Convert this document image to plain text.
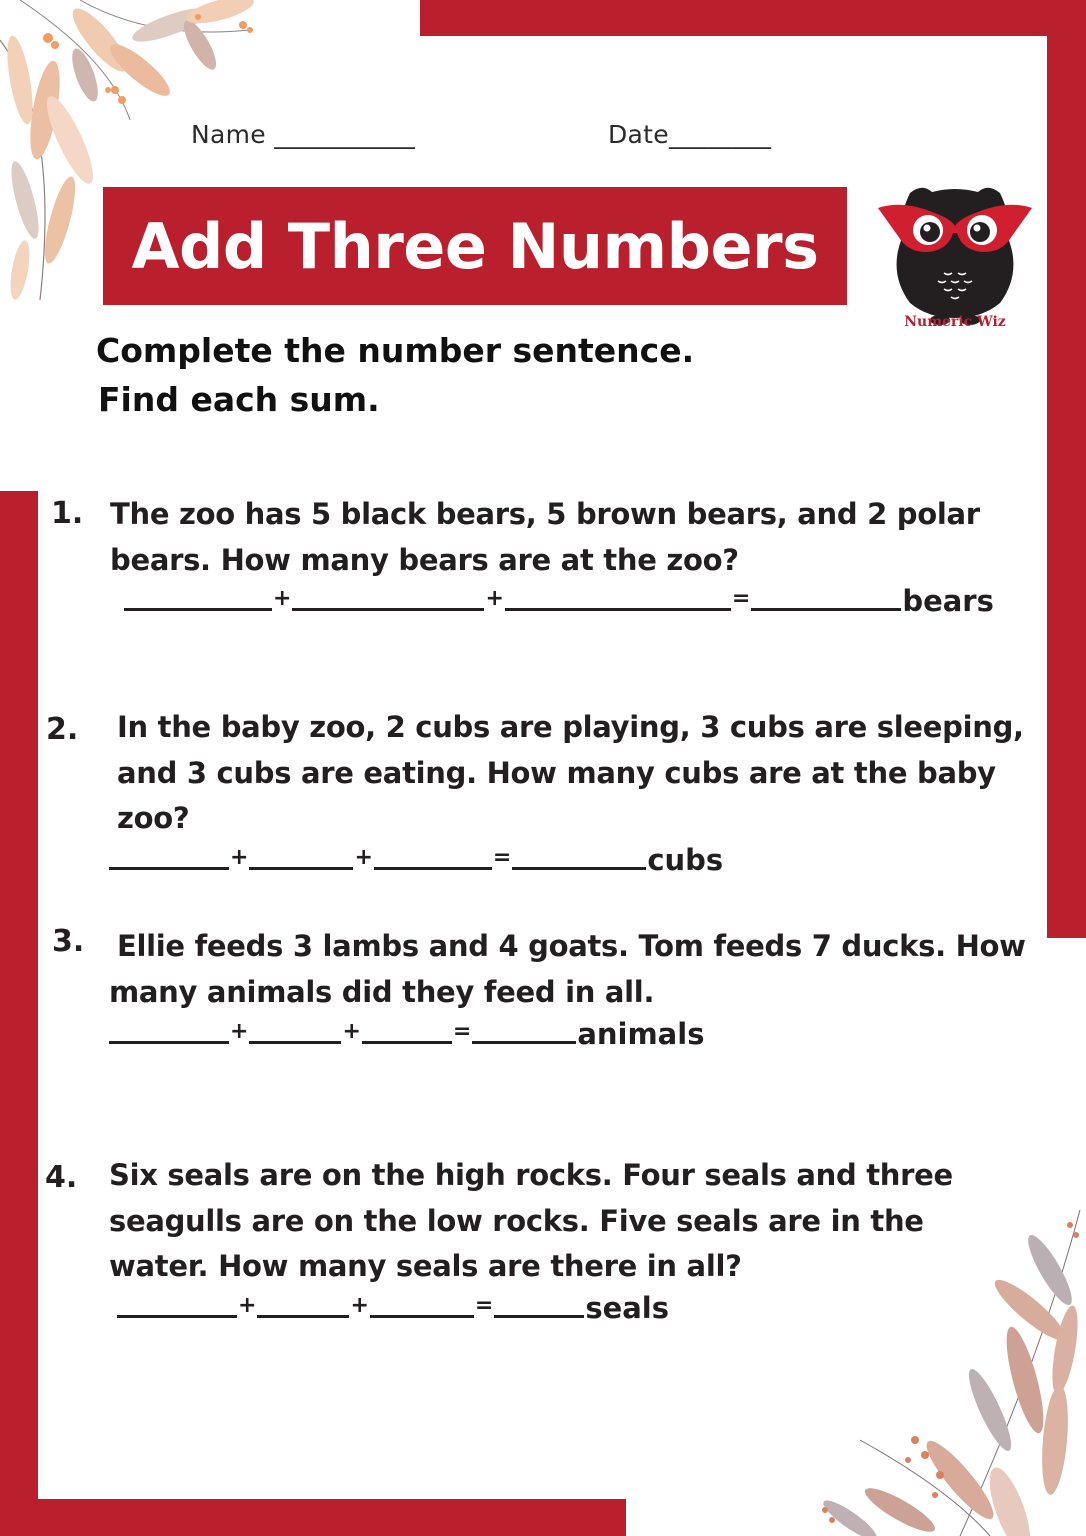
Name ___________	Date________
Add Three Numbers
Numeric Wiz
Complete the number sentence.
Find each sum.
1. The zoo has 5 black bears, 5 brown bears, and 2 polar
bears. How many bears are at the zoo?
+	+	=	bears
2. In the baby zoo, 2 cubs are playing, 3 cubs are sleeping,
and 3 cubs are eating. How many cubs are at the baby
zoo?
+	+	=	cubs
3. Ellie feeds 3 lambs and 4 goats. Tom feeds 7 ducks. How
many animals did they feed in all.
+	+	=	animals
4. Six seals are on the high rocks. Four seals and three
seagulls are on the low rocks. Five seals are in the
water. How many seals are there in all?
+	+	=	seals
